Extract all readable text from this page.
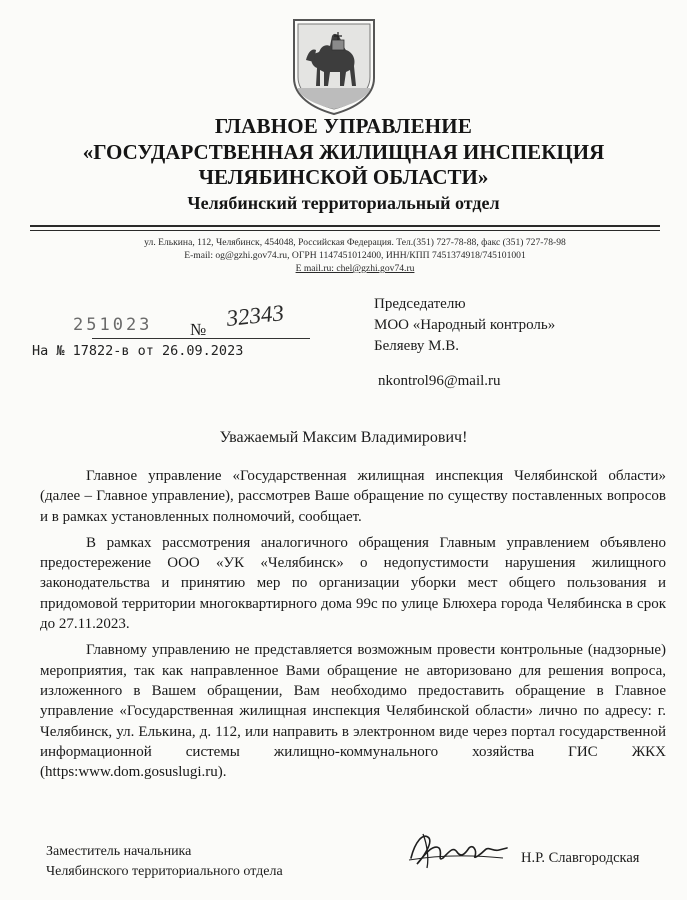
ГЛАВНОЕ УПРАВЛЕНИЕ
«ГОСУДАРСТВЕННАЯ ЖИЛИЩНАЯ ИНСПЕКЦИЯ
ЧЕЛЯБИНСКОЙ ОБЛАСТИ»
Челябинский территориальный отдел
ул. Елькина, 112, Челябинск, 454048, Российская Федерация. Тел.(351) 727-78-88, факс (351) 727-78-98
E-mail: og@gzhi.gov74.ru, ОГРН 1147451012400, ИНН/КПП 7451374918/745101001
E mail.ru: chel@gzhi.gov74.ru
251023 № 32343
На № 17822-в от 26.09.2023
Председателю
МОО «Народный контроль»
Беляеву М.В.
nkontrol96@mail.ru
Уважаемый Максим Владимирович!

Главное управление «Государственная жилищная инспекция Челябинской области» (далее – Главное управление), рассмотрев Ваше обращение по существу поставленных вопросов и в рамках установленных полномочий, сообщает.

В рамках рассмотрения аналогичного обращения Главным управлением объявлено предостережение ООО «УК «Челябинск» о недопустимости нарушения жилищного законодательства и принятию мер по организации уборки мест общего пользования и придомовой территории многоквартирного дома 99с по улице Блюхера города Челябинска в срок до 27.11.2023.

Главному управлению не представляется возможным провести контрольные (надзорные) мероприятия, так как направленное Вами обращение не авторизовано для решения вопроса, изложенного в Вашем обращении, Вам необходимо предоставить обращение в Главное управление «Государственная жилищная инспекция Челябинской области» лично по адресу: г. Челябинск, ул. Елькина, д. 112, или направить в электронном виде через портал государственной информационной системы жилищно-коммунального хозяйства ГИС ЖКХ (https:www.dom.gosuslugi.ru).

Заместитель начальника
Челябинского территориального отдела
Н.Р. Славгородская
